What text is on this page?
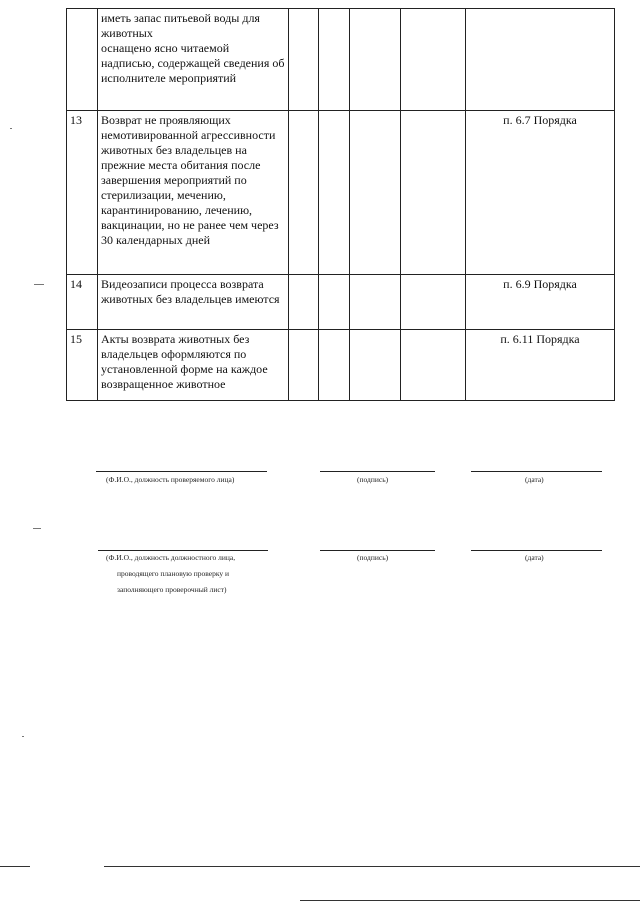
	иметь запас питьевой воды для животных
оснащено ясно читаемой надписью, содержащей сведения об исполнителе мероприятий					
13	Возврат не проявляющих немотивированной агрессивности животных без владельцев на прежние места обитания после завершения мероприятий по стерилизации, мечению, карантинированию, лечению, вакцинации, но не ранее чем через 30 календарных дней					п. 6.7 Порядка
14	Видеозаписи процесса возврата животных без владельцев имеются					п. 6.9 Порядка
15	Акты возврата животных без владельцев оформляются по установленной форме на каждое возвращенное животное					п. 6.11 Порядка
(Ф.И.О., должность проверяемого лица)	(подпись)	(дата)
(Ф.И.О., должность должностного лица,
проводящего плановую проверку и
заполняющего проверочный лист)
(подпись)	(дата)
